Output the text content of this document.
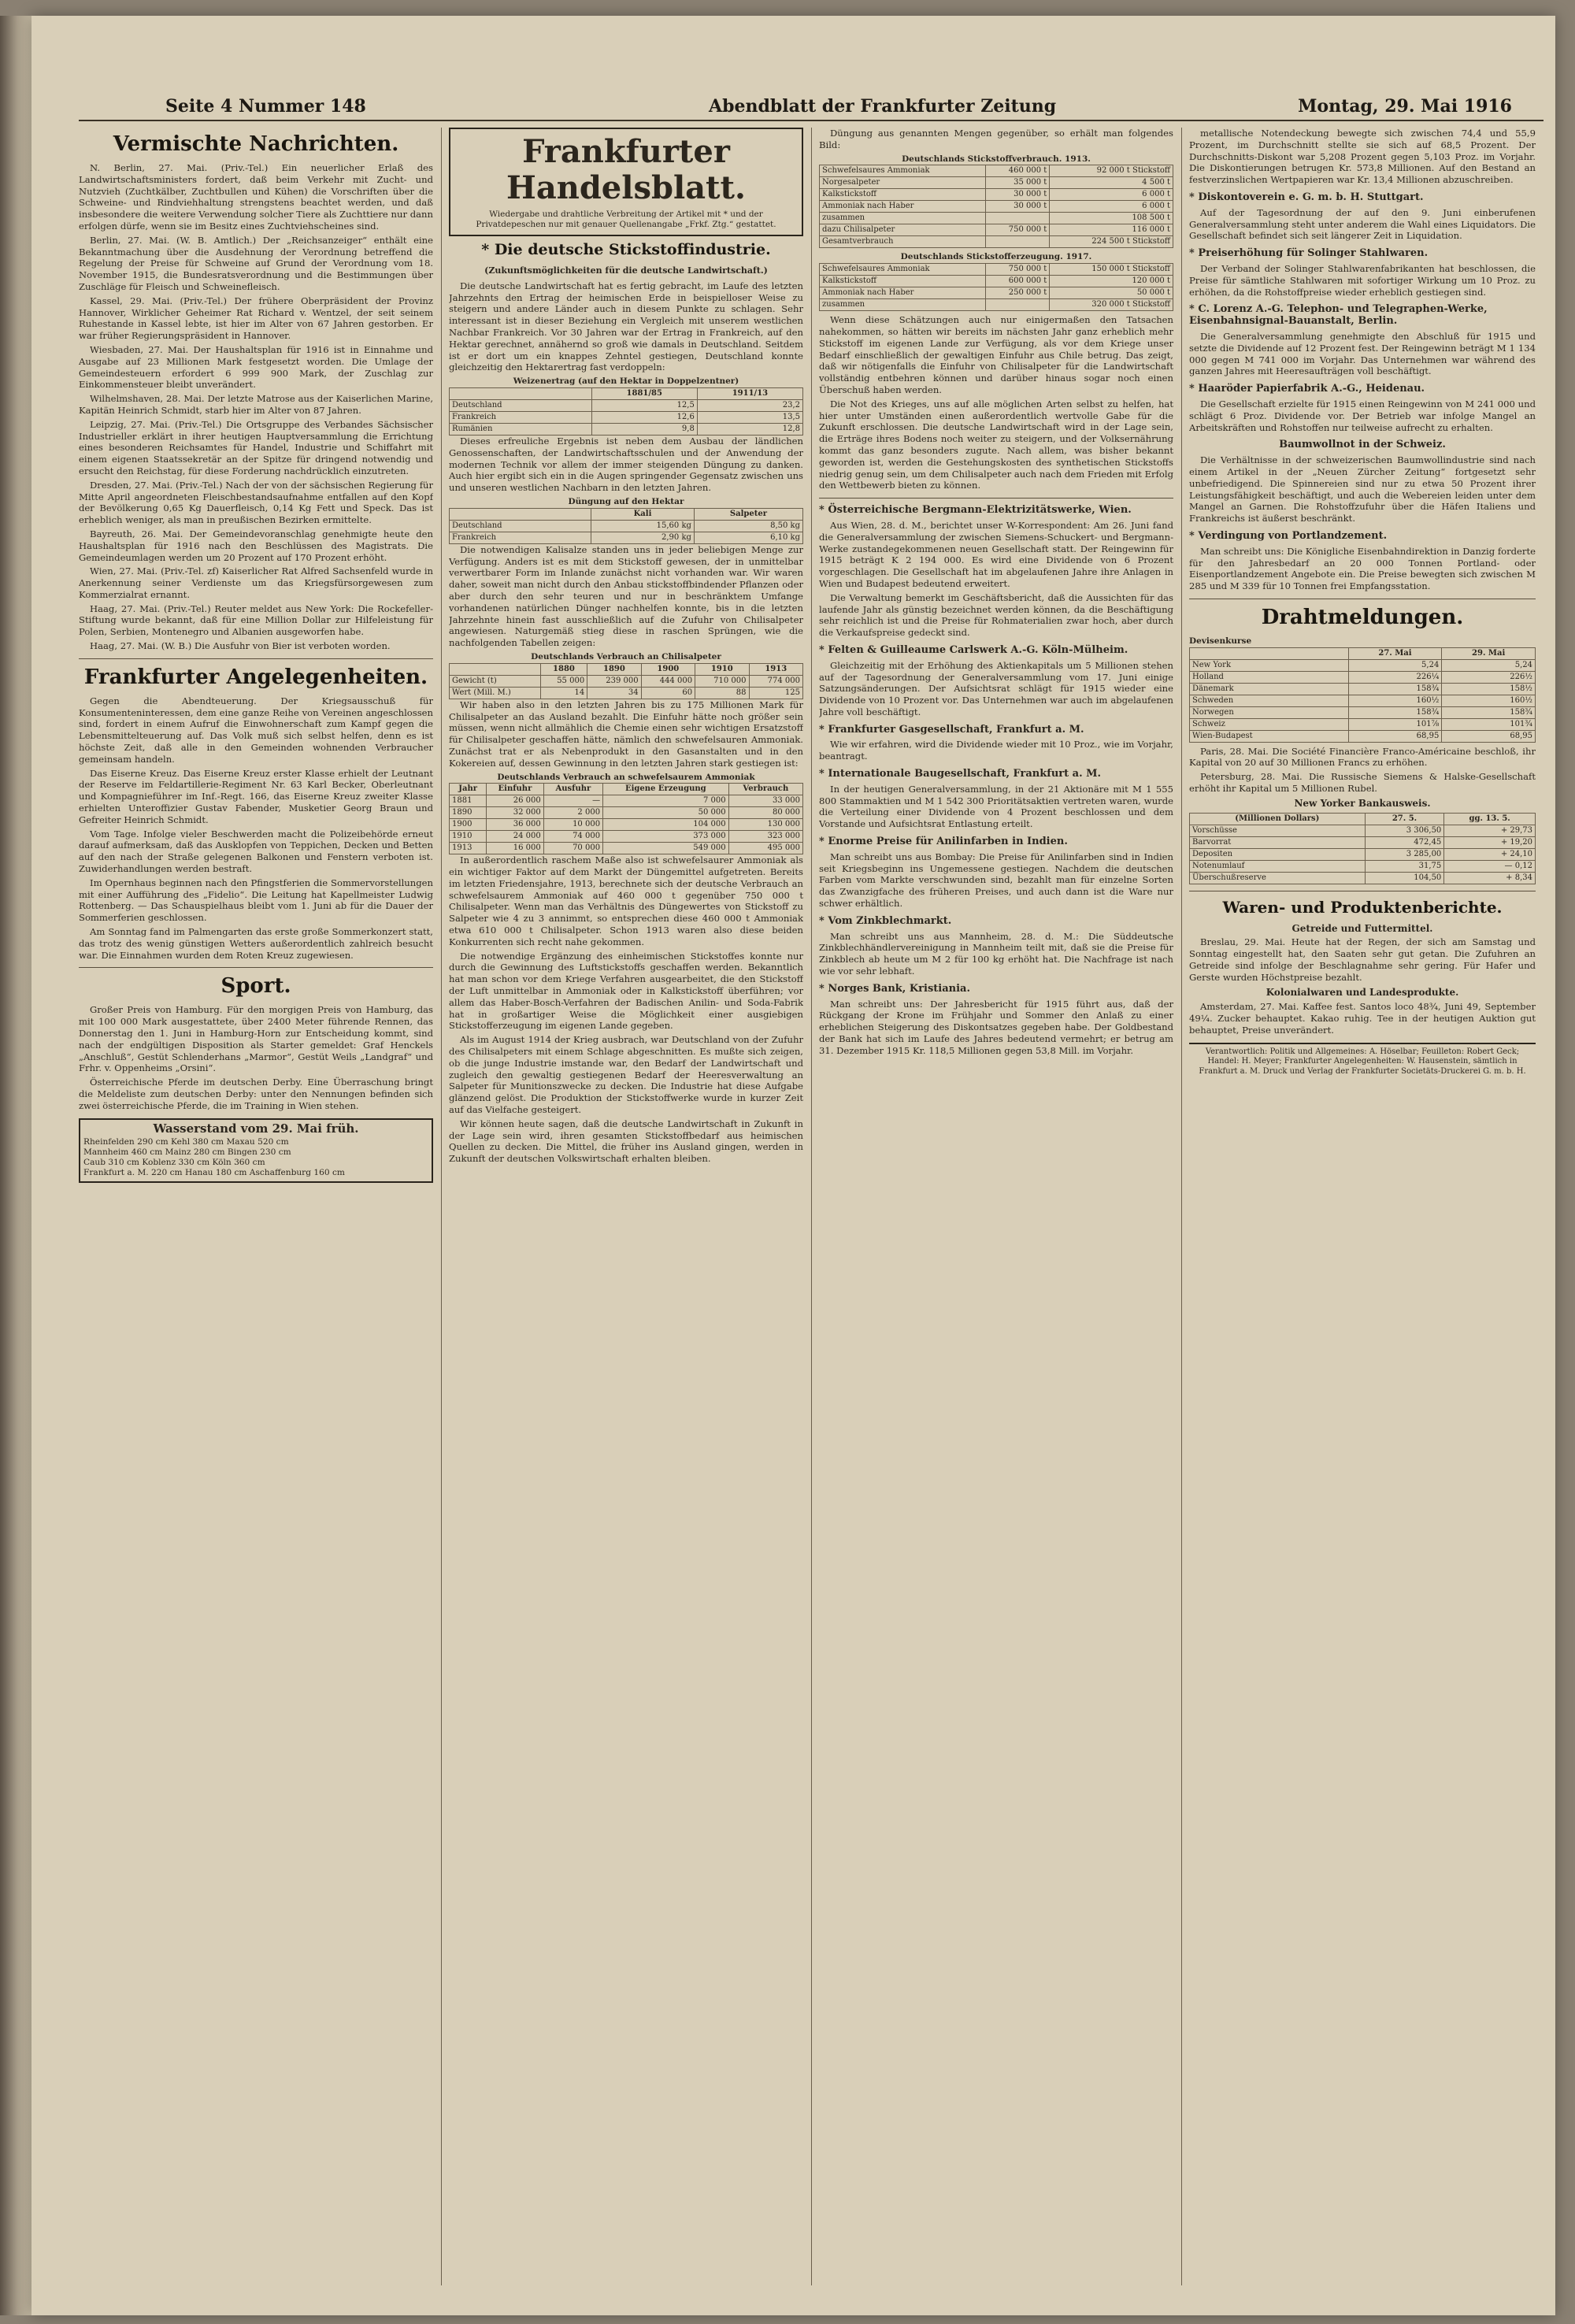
Seite 4 Nummer 148	Abendblatt der Frankfurter Zeitung	Montag, 29. Mai 1916
Vermischte Nachrichten.

N. Berlin, 27. Mai. (Priv.-Tel.) Ein neuerlicher Erlaß des Landwirtschaftsministers fordert, daß beim Verkehr mit Zucht- und Nutzvieh (Zuchtkälber, Zuchtbullen und Kühen) die Vorschriften über die Schweine- und Rindviehhaltung strengstens beachtet werden, und daß insbesondere die weitere Verwendung solcher Tiere als Zuchttiere nur dann erfolgen dürfe, wenn sie im Besitz eines Zuchtviehscheines sind.

Berlin, 27. Mai. (W. B. Amtlich.) Der „Reichsanzeiger“ enthält eine Bekanntmachung über die Ausdehnung der Verordnung betreffend die Regelung der Preise für Schweine auf Grund der Verordnung vom 18. November 1915, die Bundesratsverordnung und die Bestimmungen über Zuschläge für Fleisch und Schweinefleisch.

Kassel, 29. Mai. (Priv.-Tel.) Der frühere Oberpräsident der Provinz Hannover, Wirklicher Geheimer Rat Richard v. Wentzel, der seit seinem Ruhestande in Kassel lebte, ist hier im Alter von 67 Jahren gestorben. Er war früher Regierungspräsident in Hannover.

Wiesbaden, 27. Mai. Der Haushaltsplan für 1916 ist in Einnahme und Ausgabe auf 23 Millionen Mark festgesetzt worden. Die Umlage der Gemeindesteuern erfordert 6 999 900 Mark, der Zuschlag zur Einkommensteuer bleibt unverändert.

Wilhelmshaven, 28. Mai. Der letzte Matrose aus der Kaiserlichen Marine, Kapitän Heinrich Schmidt, starb hier im Alter von 87 Jahren.

Leipzig, 27. Mai. (Priv.-Tel.) Die Ortsgruppe des Verbandes Sächsischer Industrieller erklärt in ihrer heutigen Hauptversammlung die Errichtung eines besonderen Reichsamtes für Handel, Industrie und Schiffahrt mit einem eigenen Staatssekretär an der Spitze für dringend notwendig und ersucht den Reichstag, für diese Forderung nachdrücklich einzutreten.

Dresden, 27. Mai. (Priv.-Tel.) Nach der von der sächsischen Regierung für Mitte April angeordneten Fleischbestandsaufnahme entfallen auf den Kopf der Bevölkerung 0,65 Kg Dauerfleisch, 0,14 Kg Fett und Speck. Das ist erheblich weniger, als man in preußischen Bezirken ermittelte.

Bayreuth, 26. Mai. Der Gemeindevoranschlag genehmigte heute den Haushaltsplan für 1916 nach den Beschlüssen des Magistrats. Die Gemeindeumlagen werden um 20 Prozent auf 170 Prozent erhöht.

Wien, 27. Mai. (Priv.-Tel. zf) Kaiserlicher Rat Alfred Sachsenfeld wurde in Anerkennung seiner Verdienste um das Kriegsfürsorgewesen zum Kommerzialrat ernannt.

Haag, 27. Mai. (Priv.-Tel.) Reuter meldet aus New York: Die Rockefeller-Stiftung wurde bekannt, daß für eine Million Dollar zur Hilfeleistung für Polen, Serbien, Montenegro und Albanien ausgeworfen habe.

Haag, 27. Mai. (W. B.) Die Ausfuhr von Bier ist verboten worden.

Frankfurter Angelegenheiten.

Gegen die Abendteuerung. Der Kriegsausschuß für Konsumenteninteressen, dem eine ganze Reihe von Vereinen angeschlossen sind, fordert in einem Aufruf die Einwohnerschaft zum Kampf gegen die Lebensmittelteuerung auf. Das Volk muß sich selbst helfen, denn es ist höchste Zeit, daß alle in den Gemeinden wohnenden Verbraucher gemeinsam handeln.

Das Eiserne Kreuz. Das Eiserne Kreuz erster Klasse erhielt der Leutnant der Reserve im Feldartillerie-Regiment Nr. 63 Karl Becker, Oberleutnant und Kompagnieführer im Inf.-Regt. 166, das Eiserne Kreuz zweiter Klasse erhielten Unteroffizier Gustav Fabender, Musketier Georg Braun und Gefreiter Heinrich Schmidt.

Vom Tage. Infolge vieler Beschwerden macht die Polizeibehörde erneut darauf aufmerksam, daß das Ausklopfen von Teppichen, Decken und Betten auf den nach der Straße gelegenen Balkonen und Fenstern verboten ist. Zuwiderhandlungen werden bestraft.

Im Opernhaus beginnen nach den Pfingstferien die Sommervorstellungen mit einer Aufführung des „Fidelio“. Die Leitung hat Kapellmeister Ludwig Rottenberg. — Das Schauspielhaus bleibt vom 1. Juni ab für die Dauer der Sommerferien geschlossen.

Am Sonntag fand im Palmengarten das erste große Sommerkonzert statt, das trotz des wenig günstigen Wetters außerordentlich zahlreich besucht war. Die Einnahmen wurden dem Roten Kreuz zugewiesen.

Sport.

Großer Preis von Hamburg. Für den morgigen Preis von Hamburg, das mit 100 000 Mark ausgestattete, über 2400 Meter führende Rennen, das Donnerstag den 1. Juni in Hamburg-Horn zur Entscheidung kommt, sind nach der endgültigen Disposition als Starter gemeldet: Graf Henckels „Anschluß“, Gestüt Schlenderhans „Marmor“, Gestüt Weils „Landgraf“ und Frhr. v. Oppenheims „Orsini“.

Österreichische Pferde im deutschen Derby. Eine Überraschung bringt die Meldeliste zum deutschen Derby: unter den Nennungen befinden sich zwei österreichische Pferde, die im Training in Wien stehen.

Wasserstand vom 29. Mai früh.
Rheinfelden 290 cm Kehl 380 cm Maxau 520 cm
Mannheim 460 cm Mainz 280 cm Bingen 230 cm
Caub 310 cm Koblenz 330 cm Köln 360 cm
Frankfurt a. M. 220 cm Hanau 180 cm Aschaffenburg 160 cm
Frankfurter Handelsblatt.
Wiedergabe und drahtliche Verbreitung der Artikel mit * und der Privatdepeschen nur mit genauer Quellenangabe „Frkf. Ztg.“ gestattet.
* Die deutsche Stickstoffindustrie.
(Zukunftsmöglichkeiten für die deutsche Landwirtschaft.)

Die deutsche Landwirtschaft hat es fertig gebracht, im Laufe des letzten Jahrzehnts den Ertrag der heimischen Erde in beispielloser Weise zu steigern und andere Länder auch in diesem Punkte zu schlagen. Sehr interessant ist in dieser Beziehung ein Vergleich mit unserem westlichen Nachbar Frankreich. Vor 30 Jahren war der Ertrag in Frankreich, auf den Hektar gerechnet, annähernd so groß wie damals in Deutschland. Seitdem ist er dort um ein knappes Zehntel gestiegen, Deutschland konnte gleichzeitig den Hektarertrag fast verdoppeln:

Weizenertrag (auf den Hektar in Doppelzentner)
	1881/85	1911/13
Deutschland	12,5	23,2
Frankreich	12,6	13,5
Rumänien	9,8	12,8

Dieses erfreuliche Ergebnis ist neben dem Ausbau der ländlichen Genossenschaften, der Landwirtschaftsschulen und der Anwendung der modernen Technik vor allem der immer steigenden Düngung zu danken. Auch hier ergibt sich ein in die Augen springender Gegensatz zwischen uns und unseren westlichen Nachbarn in den letzten Jahren.

Düngung auf den Hektar
	Kali	Salpeter
Deutschland	15,60 kg	8,50 kg
Frankreich	2,90 kg	6,10 kg

Die notwendigen Kalisalze standen uns in jeder beliebigen Menge zur Verfügung. Anders ist es mit dem Stickstoff gewesen, der in unmittelbar verwertbarer Form im Inlande zunächst nicht vorhanden war. Wir waren daher, soweit man nicht durch den Anbau stickstoffbindender Pflanzen oder aber durch den sehr teuren und nur in beschränktem Umfange vorhandenen natürlichen Dünger nachhelfen konnte, bis in die letzten Jahrzehnte hinein fast ausschließlich auf die Zufuhr von Chilisalpeter angewiesen. Naturgemäß stieg diese in raschen Sprüngen, wie die nachfolgenden Tabellen zeigen:

Deutschlands Verbrauch an Chilisalpeter
	1880	1890	1900	1910	1913
Gewicht (t)	55 000	239 000	444 000	710 000	774 000
Wert (Mill. M.)	14	34	60	88	125

Wir haben also in den letzten Jahren bis zu 175 Millionen Mark für Chilisalpeter an das Ausland bezahlt. Die Einfuhr hätte noch größer sein müssen, wenn nicht allmählich die Chemie einen sehr wichtigen Ersatzstoff für Chilisalpeter geschaffen hätte, nämlich den schwefelsauren Ammoniak. Zunächst trat er als Nebenprodukt in den Gasanstalten und in den Kokereien auf, dessen Gewinnung in den letzten Jahren stark gestiegen ist:

Deutschlands Verbrauch an schwefelsaurem Ammoniak
Jahr	Einfuhr	Ausfuhr	Eigene Erzeugung	Verbrauch
1881	26 000	—	7 000	33 000
1890	32 000	2 000	50 000	80 000
1900	36 000	10 000	104 000	130 000
1910	24 000	74 000	373 000	323 000
1913	16 000	70 000	549 000	495 000

In außerordentlich raschem Maße also ist schwefelsaurer Ammoniak als ein wichtiger Faktor auf dem Markt der Düngemittel aufgetreten. Bereits im letzten Friedensjahre, 1913, berechnete sich der deutsche Verbrauch an schwefelsaurem Ammoniak auf 460 000 t gegenüber 750 000 t Chilisalpeter. Wenn man das Verhältnis des Düngewertes von Stickstoff zu Salpeter wie 4 zu 3 annimmt, so entsprechen diese 460 000 t Ammoniak etwa 610 000 t Chilisalpeter. Schon 1913 waren also diese beiden Konkurrenten sich recht nahe gekommen.

Die notwendige Ergänzung des einheimischen Stickstoffes konnte nur durch die Gewinnung des Luftstickstoffs geschaffen werden. Bekanntlich hat man schon vor dem Kriege Verfahren ausgearbeitet, die den Stickstoff der Luft unmittelbar in Ammoniak oder in Kalkstickstoff überführen; vor allem das Haber-Bosch-Verfahren der Badischen Anilin- und Soda-Fabrik hat in großartiger Weise die Möglichkeit einer ausgiebigen Stickstofferzeugung im eigenen Lande gegeben.

Als im August 1914 der Krieg ausbrach, war Deutschland von der Zufuhr des Chilisalpeters mit einem Schlage abgeschnitten. Es mußte sich zeigen, ob die junge Industrie imstande war, den Bedarf der Landwirtschaft und zugleich den gewaltig gestiegenen Bedarf der Heeresverwaltung an Salpeter für Munitionszwecke zu decken. Die Industrie hat diese Aufgabe glänzend gelöst. Die Produktion der Stickstoffwerke wurde in kurzer Zeit auf das Vielfache gesteigert.

Wir können heute sagen, daß die deutsche Landwirtschaft in Zukunft in der Lage sein wird, ihren gesamten Stickstoffbedarf aus heimischen Quellen zu decken. Die Mittel, die früher ins Ausland gingen, werden in Zukunft der deutschen Volkswirtschaft erhalten bleiben.

Düngung aus genannten Mengen gegenüber, so erhält man folgendes Bild:

Deutschlands Stickstoffverbrauch. 1913.
Schwefelsaures Ammoniak	460 000 t	92 000 t Stickstoff
Norgesalpeter	35 000 t	4 500 t
Kalkstickstoff	30 000 t	6 000 t
Ammoniak nach Haber	30 000 t	6 000 t
zusammen		108 500 t
dazu Chilisalpeter	750 000 t	116 000 t
Gesamtverbrauch		224 500 t Stickstoff
Deutschlands Stickstofferzeugung. 1917.
Schwefelsaures Ammoniak	750 000 t	150 000 t Stickstoff
Kalkstickstoff	600 000 t	120 000 t
Ammoniak nach Haber	250 000 t	50 000 t
zusammen		320 000 t Stickstoff

Wenn diese Schätzungen auch nur einigermaßen den Tatsachen nahekommen, so hätten wir bereits im nächsten Jahr ganz erheblich mehr Stickstoff im eigenen Lande zur Verfügung, als vor dem Kriege unser Bedarf einschließlich der gewaltigen Einfuhr aus Chile betrug. Das zeigt, daß wir nötigenfalls die Einfuhr von Chilisalpeter für die Landwirtschaft vollständig entbehren können und darüber hinaus sogar noch einen Überschuß haben werden.

Die Not des Krieges, uns auf alle möglichen Arten selbst zu helfen, hat hier unter Umständen einen außerordentlich wertvolle Gabe für die Zukunft erschlossen. Die deutsche Landwirtschaft wird in der Lage sein, die Erträge ihres Bodens noch weiter zu steigern, und der Volksernährung kommt das ganz besonders zugute. Nach allem, was bisher bekannt geworden ist, werden die Gestehungskosten des synthetischen Stickstoffs niedrig genug sein, um dem Chilisalpeter auch nach dem Frieden mit Erfolg den Wettbewerb bieten zu können.

* Österreichische Bergmann-Elektrizitätswerke, Wien.

Aus Wien, 28. d. M., berichtet unser W-Korrespondent: Am 26. Juni fand die Generalversammlung der zwischen Siemens-Schuckert- und Bergmann-Werke zustandegekommenen neuen Gesellschaft statt. Der Reingewinn für 1915 beträgt K 2 194 000. Es wird eine Dividende von 6 Prozent vorgeschlagen. Die Gesellschaft hat im abgelaufenen Jahre ihre Anlagen in Wien und Budapest bedeutend erweitert.

Die Verwaltung bemerkt im Geschäftsbericht, daß die Aussichten für das laufende Jahr als günstig bezeichnet werden können, da die Beschäftigung sehr reichlich ist und die Preise für Rohmaterialien zwar hoch, aber durch die Verkaufspreise gedeckt sind.

* Felten & Guilleaume Carlswerk A.-G. Köln-Mülheim.

Gleichzeitig mit der Erhöhung des Aktienkapitals um 5 Millionen stehen auf der Tagesordnung der Generalversammlung vom 17. Juni einige Satzungsänderungen. Der Aufsichtsrat schlägt für 1915 wieder eine Dividende von 10 Prozent vor. Das Unternehmen war auch im abgelaufenen Jahre voll beschäftigt.

* Frankfurter Gasgesellschaft, Frankfurt a. M.

Wie wir erfahren, wird die Dividende wieder mit 10 Proz., wie im Vorjahr, beantragt.

* Internationale Baugesellschaft, Frankfurt a. M.

In der heutigen Generalversammlung, in der 21 Aktionäre mit M 1 555 800 Stammaktien und M 1 542 300 Prioritätsaktien vertreten waren, wurde die Verteilung einer Dividende von 4 Prozent beschlossen und dem Vorstande und Aufsichtsrat Entlastung erteilt.

* Enorme Preise für Anilinfarben in Indien.

Man schreibt uns aus Bombay: Die Preise für Anilinfarben sind in Indien seit Kriegsbeginn ins Ungemessene gestiegen. Nachdem die deutschen Farben vom Markte verschwunden sind, bezahlt man für einzelne Sorten das Zwanzigfache des früheren Preises, und auch dann ist die Ware nur schwer erhältlich.

* Vom Zinkblechmarkt.

Man schreibt uns aus Mannheim, 28. d. M.: Die Süddeutsche Zinkblechhändlervereinigung in Mannheim teilt mit, daß sie die Preise für Zinkblech ab heute um M 2 für 100 kg erhöht hat. Die Nachfrage ist nach wie vor sehr lebhaft.

* Norges Bank, Kristiania.

Man schreibt uns: Der Jahresbericht für 1915 führt aus, daß der Rückgang der Krone im Frühjahr und Sommer den Anlaß zu einer erheblichen Steigerung des Diskontsatzes gegeben habe. Der Goldbestand der Bank hat sich im Laufe des Jahres bedeutend vermehrt; er betrug am 31. Dezember 1915 Kr. 118,5 Millionen gegen 53,8 Mill. im Vorjahr.

metallische Notendeckung bewegte sich zwischen 74,4 und 55,9 Prozent, im Durchschnitt stellte sie sich auf 68,5 Prozent. Der Durchschnitts-Diskont war 5,208 Prozent gegen 5,103 Proz. im Vorjahr. Die Diskontierungen betrugen Kr. 573,8 Millionen. Auf den Bestand an festverzinslichen Wertpapieren war Kr. 13,4 Millionen abzuschreiben.

* Diskontoverein e. G. m. b. H. Stuttgart.

Auf der Tagesordnung der auf den 9. Juni einberufenen Generalversammlung steht unter anderem die Wahl eines Liquidators. Die Gesellschaft befindet sich seit längerer Zeit in Liquidation.

* Preiserhöhung für Solinger Stahlwaren.

Der Verband der Solinger Stahlwarenfabrikanten hat beschlossen, die Preise für sämtliche Stahlwaren mit sofortiger Wirkung um 10 Proz. zu erhöhen, da die Rohstoffpreise wieder erheblich gestiegen sind.

* C. Lorenz A.-G. Telephon- und Telegraphen-Werke, Eisenbahnsignal-Bauanstalt, Berlin.

Die Generalversammlung genehmigte den Abschluß für 1915 und setzte die Dividende auf 12 Prozent fest. Der Reingewinn beträgt M 1 134 000 gegen M 741 000 im Vorjahr. Das Unternehmen war während des ganzen Jahres mit Heeresaufträgen voll beschäftigt.

* Haaröder Papierfabrik A.-G., Heidenau.

Die Gesellschaft erzielte für 1915 einen Reingewinn von M 241 000 und schlägt 6 Proz. Dividende vor. Der Betrieb war infolge Mangel an Arbeitskräften und Rohstoffen nur teilweise aufrecht zu erhalten.

Baumwollnot in der Schweiz.

Die Verhältnisse in der schweizerischen Baumwollindustrie sind nach einem Artikel in der „Neuen Zürcher Zeitung“ fortgesetzt sehr unbefriedigend. Die Spinnereien sind nur zu etwa 50 Prozent ihrer Leistungsfähigkeit beschäftigt, und auch die Webereien leiden unter dem Mangel an Garnen. Die Rohstoffzufuhr über die Häfen Italiens und Frankreichs ist äußerst beschränkt.

* Verdingung von Portlandzement.

Man schreibt uns: Die Königliche Eisenbahndirektion in Danzig forderte für den Jahresbedarf an 20 000 Tonnen Portland- oder Eisenportlandzement Angebote ein. Die Preise bewegten sich zwischen M 285 und M 339 für 10 Tonnen frei Empfangsstation.

Drahtmeldungen.
Devisenkurse
	27. Mai	29. Mai
New York	5,24	5,24
Holland	226¼	226½
Dänemark	158¾	158½
Schweden	160½	160½
Norwegen	158¾	158¾
Schweiz	101⅞	101¾
Wien-Budapest	68,95	68,95

Paris, 28. Mai. Die Société Financière Franco-Américaine beschloß, ihr Kapital von 20 auf 30 Millionen Francs zu erhöhen.

Petersburg, 28. Mai. Die Russische Siemens & Halske-Gesellschaft erhöht ihr Kapital um 5 Millionen Rubel.

New Yorker Bankausweis.
(Millionen Dollars)	27. 5.	gg. 13. 5.
Vorschüsse	3 306,50	+ 29,73
Barvorrat	472,45	+ 19,20
Depositen	3 285,00	+ 24,10
Notenumlauf	31,75	— 0,12
Überschußreserve	104,50	+ 8,34
Waren- und Produktenberichte.
Getreide und Futtermittel.

Breslau, 29. Mai. Heute hat der Regen, der sich am Samstag und Sonntag eingestellt hat, den Saaten sehr gut getan. Die Zufuhren an Getreide sind infolge der Beschlagnahme sehr gering. Für Hafer und Gerste wurden Höchstpreise bezahlt.

Kolonialwaren und Landesprodukte.

Amsterdam, 27. Mai. Kaffee fest. Santos loco 48¾, Juni 49, September 49¼. Zucker behauptet. Kakao ruhig. Tee in der heutigen Auktion gut behauptet, Preise unverändert.

Verantwortlich: Politik und Allgemeines: A. Höselbar; Feuilleton: Robert Geck; Handel: H. Meyer; Frankfurter Angelegenheiten: W. Hausenstein, sämtlich in Frankfurt a. M. Druck und Verlag der Frankfurter Societäts-Druckerei G. m. b. H.
